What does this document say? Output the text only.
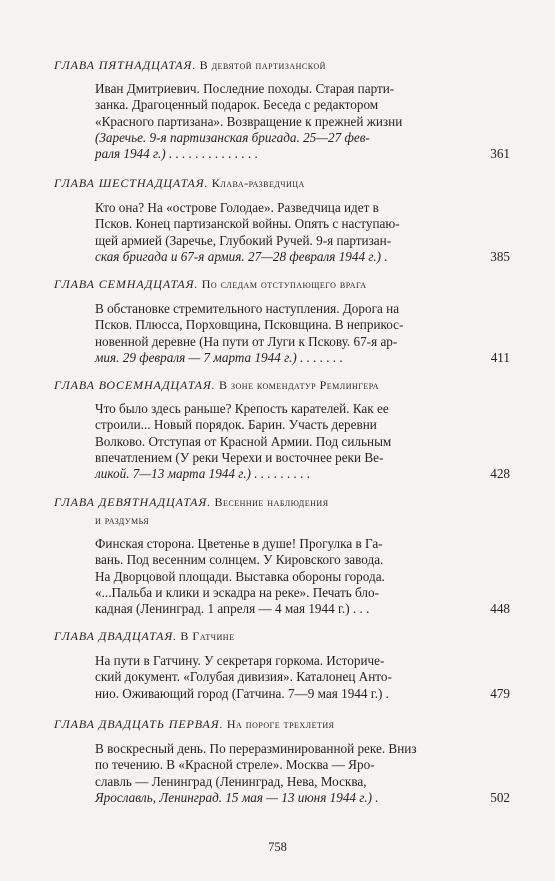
ГЛАВА ПЯТНАДЦАТАЯ. В девятой партизанской
Иван Дмитриевич. Последние походы. Старая парти-
занка. Драгоценный подарок. Беседа с редактором
«Красного партизана». Возвращение к прежней жизни
(Заречье. 9-я партизанская бригада. 25—27 фев-
раля 1944 г.) . . . . . . . . . . . . . .	361
ГЛАВА ШЕСТНАДЦАТАЯ. Клава-разведчица
Кто она? На «острове Голодае». Разведчица идет в
Псков. Конец партизанской войны. Опять с наступаю-
щей армией (Заречье, Глубокий Ручей. 9-я партизан-
ская бригада и 67-я армия. 27—28 февраля 1944 г.) .	385
ГЛАВА СЕМНАДЦАТАЯ. По следам отступающего врага
В обстановке стремительного наступления. Дорога на
Псков. Плюсса, Порховщина, Псковщина. В неприкос-
новенной деревне (На пути от Луги к Пскову. 67-я ар-
мия. 29 февраля — 7 марта 1944 г.) . . . . . . .	411
ГЛАВА ВОСЕМНАДЦАТАЯ. В зоне комендатур Ремлингера
Что было здесь раньше? Крепость карателей. Как ее
строили... Новый порядок. Барин. Участь деревни
Волково. Отступая от Красной Армии. Под сильным
впечатлением (У реки Черехи и восточнее реки Ве-
ликой. 7—13 марта 1944 г.) . . . . . . . . .	428
ГЛАВА ДЕВЯТНАДЦАТАЯ. Весенние наблюдения
и раздумья
Финская сторона. Цветенье в душе! Прогулка в Га-
вань. Под весенним солнцем. У Кировского завода.
На Дворцовой площади. Выставка обороны города.
«...Пальба и клики и эскадра на реке». Печать бло-
кадная (Ленинград. 1 апреля — 4 мая 1944 г.) . . .	448
ГЛАВА ДВАДЦАТАЯ. В Гатчине
На пути в Гатчину. У секретаря горкома. Историче-
ский документ. «Голубая дивизия». Каталонец Анто-
нио. Оживающий город (Гатчина. 7—9 мая 1944 г.) .	479
ГЛАВА ДВАДЦАТЬ ПЕРВАЯ. На пороге трехлетия
В воскресный день. По переразминированной реке. Вниз
по течению. В «Красной стреле». Москва — Яро-
славль — Ленинград (Ленинград, Нева, Москва,
Ярославль, Ленинград. 15 мая — 13 июня 1944 г.) .	502
758
